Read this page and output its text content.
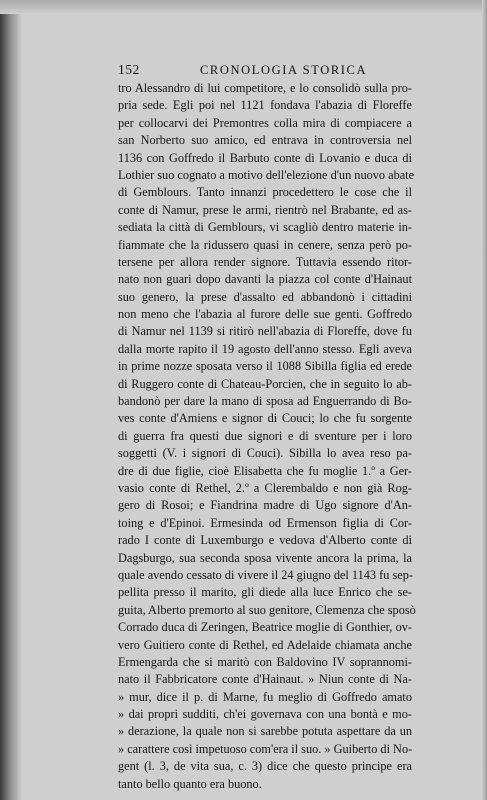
152	CRONOLOGIA STORICA
tro Alessandro di lui competitore, e lo consolidò sulla pro-
pria sede. Egli poi nel 1121 fondava l'abazia di Floreffe
per collocarvi dei Premontres colla mira di compiacere a
san Norberto suo amico, ed entrava in controversia nel
1136 con Goffredo il Barbuto conte di Lovanio e duca di
Lothier suo cognato a motivo dell'elezione d'un nuovo abate
di Gemblours. Tanto innanzi procedettero le cose che il
conte di Namur, prese le armi, rientrò nel Brabante, ed as-
sediata la città di Gemblours, vi scagliò dentro materie in-
fiammate che la ridussero quasi in cenere, senza però po-
tersene per allora render signore. Tuttavia essendo ritor-
nato non guari dopo davanti la piazza col conte d'Hainaut
suo genero, la prese d'assalto ed abbandonò i cittadini
non meno che l'abazia al furore delle sue genti. Goffredo
di Namur nel 1139 si ritirò nell'abazia di Floreffe, dove fu
dalla morte rapito il 19 agosto dell'anno stesso. Egli aveva
in prime nozze sposata verso il 1088 Sibilla figlia ed erede
di Ruggero conte di Chateau-Porcien, che in seguito lo ab-
bandonò per dare la mano di sposa ad Enguerrando di Bo-
ves conte d'Amiens e signor di Couci; lo che fu sorgente
di guerra fra questi due signori e di sventure per i loro
soggetti (V. i signori di Couci). Sibilla lo avea reso pa-
dre di due figlie, cioè Elisabetta che fu moglie 1.º a Ger-
vasio conte di Rethel, 2.º a Clerembaldo e non già Rog-
gero di Rosoi; e Fiandrina madre di Ugo signore d'An-
toing e d'Epinoi. Ermesinda od Ermenson figlia di Cor-
rado I conte di Luxemburgo e vedova d'Alberto conte di
Dagsburgo, sua seconda sposa vivente ancora la prima, la
quale avendo cessato di vivere il 24 giugno del 1143 fu sep-
pellita presso il marito, gli diede alla luce Enrico che se-
guita, Alberto premorto al suo genitore, Clemenza che sposò
Corrado duca di Zeringen, Beatrice moglie di Gonthier, ov-
vero Guitiero conte di Rethel, ed Adelaide chiamata anche
Ermengarda che si maritò con Baldovino IV soprannomi-
nato il Fabbricatore conte d'Hainaut. » Niun conte di Na-
» mur, dice il p. di Marne, fu meglio di Goffredo amato
» dai propri sudditi, ch'ei governava con una bontà e mo-
» derazione, la quale non si sarebbe potuta aspettare da un
» carattere così impetuoso com'era il suo. » Guiberto di No-
gent (l. 3, de vita sua, c. 3) dice che questo principe era
tanto bello quanto era buono.
